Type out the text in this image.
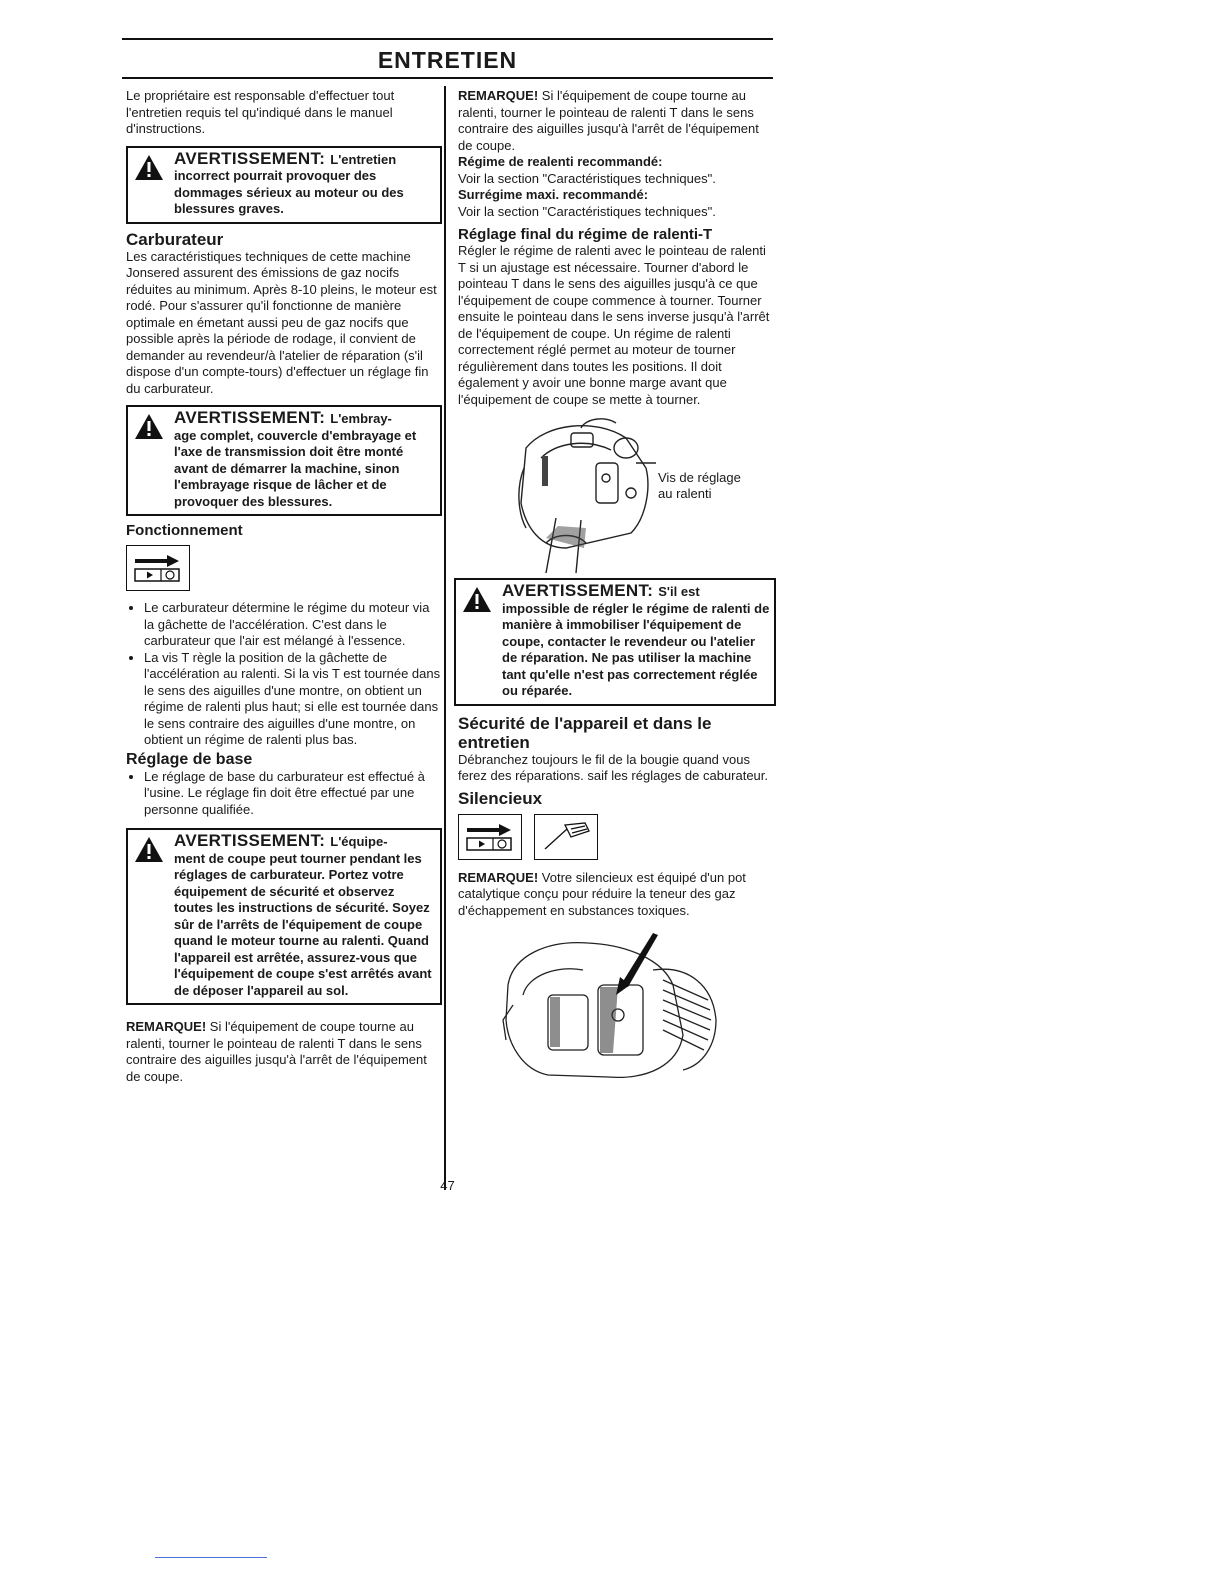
ENTRETIEN

Le propriétaire est responsable d'effectuer tout l'entretien requis tel qu'indiqué dans le manuel d'instructions.

AVERTISSEMENT: L'entretien
incorrect pourrait provoquer des dommages sérieux au moteur ou des blessures graves.
Carburateur

Les caractéristiques techniques de cette machine Jonsered assurent des émissions de gaz nocifs réduites au minimum. Après 8-10 pleins, le moteur est rodé. Pour s'assurer qu'il fonctionne de manière optimale en émetant aussi peu de gaz nocifs que possible après la période de rodage, il convient de demander au revendeur/à l'atelier de réparation (s'il dispose d'un compte-tours) d'effectuer un réglage fin du carburateur.

AVERTISSEMENT: L'embray-
age complet, couvercle d'embrayage et l'axe de transmission doit être monté avant de démarrer la machine, sinon l'embrayage risque de lâcher et de provoquer des blessures.
Fonctionnement
• Le carburateur détermine le régime du moteur via la gâchette de l'accélération. C'est dans le carburateur que l'air est mélangé à l'essence.
• La vis T règle la position de la gâchette de l'accélération au ralenti. Si la vis T est tournée dans le sens des aiguilles d'une montre, on obtient un régime de ralenti plus haut; si elle est tournée dans le sens contraire des aiguilles d'une montre, on obtient un régime de ralenti plus bas.
Réglage de base
• Le réglage de base du carburateur est effectué à l'usine. Le réglage fin doit être effectué par une personne qualifiée.
AVERTISSEMENT: L'équipe-
ment de coupe peut tourner pendant les réglages de carburateur. Portez votre équipement de sécurité et observez toutes les instructions de sécurité. Soyez sûr de l'arrêts de l'équipement de coupe quand le moteur tourne au ralenti. Quand l'appareil est arrêtée, assurez-vous que l'équipement de coupe s'est arrêtés avant de déposer l'appareil au sol.

REMARQUE! Si l'équipement de coupe tourne au ralenti, tourner le pointeau de ralenti T dans le sens contraire des aiguilles jusqu'à l'arrêt de l'équipement de coupe.

REMARQUE! Si l'équipement de coupe tourne au ralenti, tourner le pointeau de ralenti T dans le sens contraire des aiguilles jusqu'à l'arrêt de l'équipement de coupe.

Régime de realenti recommandé:

Voir la section "Caractéristiques techniques".

Surrégime maxi. recommandé:

Voir la section "Caractéristiques techniques".

Réglage final du régime de ralenti-T

Régler le régime de ralenti avec le pointeau de ralenti T si un ajustage est nécessaire. Tourner d'abord le pointeau T dans le sens des aiguilles jusqu'à ce que l'équipement de coupe commence à tourner. Tourner ensuite le pointeau dans le sens inverse jusqu'à l'arrêt de l'équipement de coupe. Un régime de ralenti correctement réglé permet au moteur de tourner régulièrement dans toutes les positions. Il doit également y avoir une bonne marge avant que l'équipement de coupe se mette à tourner.

Vis de réglage
au ralenti
AVERTISSEMENT: S'il est
impossible de régler le régime de ralenti de manière à immobiliser l'équipement de coupe, contacter le revendeur ou l'atelier de réparation. Ne pas utiliser la machine tant qu'elle n'est pas correctement réglée ou réparée.
Sécurité de l'appareil et dans le entretien

Débranchez toujours le fil de la bougie quand vous ferez des réparations. saif les réglages de caburateur.

Silencieux

REMARQUE! Votre silencieux est équipé d'un pot catalytique conçu pour réduire la teneur des gaz d'échappement en substances toxiques.

47
